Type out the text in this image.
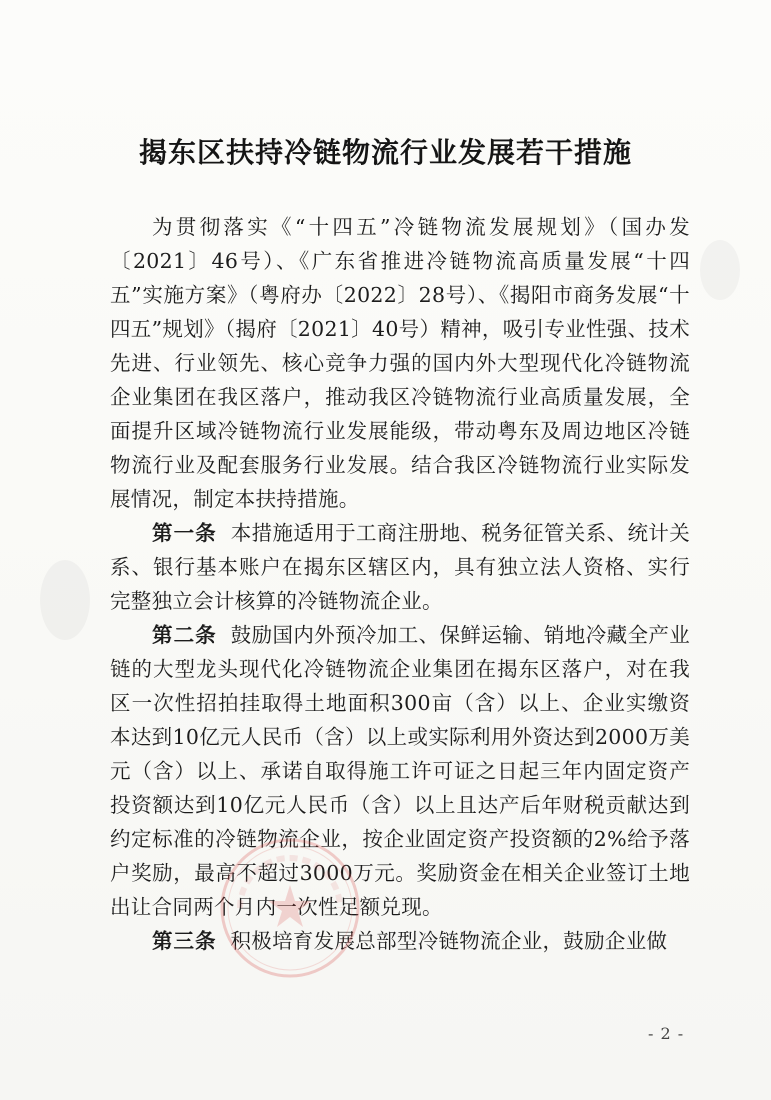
揭东区扶持冷链物流行业发展若干措施

为贯彻落实《“十四五”冷链物流发展规划》（国办发〔2021〕46号）、《广东省推进冷链物流高质量发展“十四五”实施方案》（粤府办〔2022〕28号）、《揭阳市商务发展“十四五”规划》（揭府〔2021〕40号）精神，吸引专业性强、技术先进、行业领先、核心竞争力强的国内外大型现代化冷链物流企业集团在我区落户，推动我区冷链物流行业高质量发展，全面提升区域冷链物流行业发展能级，带动粤东及周边地区冷链物流行业及配套服务行业发展。结合我区冷链物流行业实际发展情况，制定本扶持措施。

第一条 本措施适用于工商注册地、税务征管关系、统计关系、银行基本账户在揭东区辖区内，具有独立法人资格、实行完整独立会计核算的冷链物流企业。

第二条 鼓励国内外预冷加工、保鲜运输、销地冷藏全产业链的大型龙头现代化冷链物流企业集团在揭东区落户，对在我区一次性招拍挂取得土地面积300亩（含）以上、企业实缴资本达到10亿元人民币（含）以上或实际利用外资达到2000万美元（含）以上、承诺自取得施工许可证之日起三年内固定资产投资额达到10亿元人民币（含）以上且达产后年财税贡献达到约定标准的冷链物流企业，按企业固定资产投资额的2%给予落户奖励，最高不超过3000万元。奖励资金在相关企业签订土地出让合同两个月内一次性足额兑现。

第三条 积极培育发展总部型冷链物流企业，鼓励企业做

- 2 -
